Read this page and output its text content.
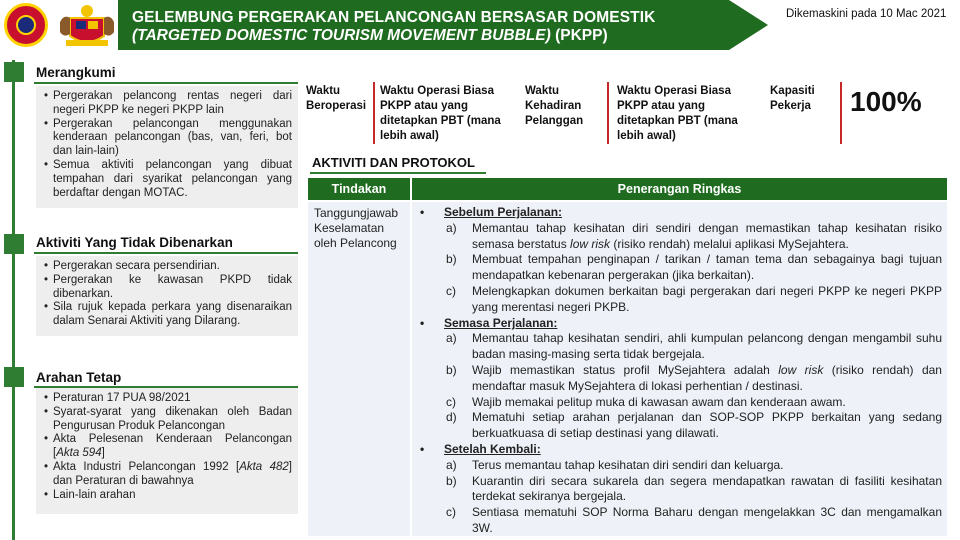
GELEMBUNG PERGERAKAN PELANCONGAN BERSASAR DOMESTIK
(TARGETED DOMESTIC TOURISM MOVEMENT BUBBLE) (PKPP)
Dikemaskini pada 10 Mac 2021
Merangkumi
• Pergerakan pelancong rentas negeri dari negeri PKPP ke negeri PKPP lain
• Pergerakan pelancongan menggunakan kenderaan pelancongan (bas, van, feri, bot dan lain-lain)
• Semua aktiviti pelancongan yang dibuat tempahan dari syarikat pelancongan yang berdaftar dengan MOTAC.
Aktiviti Yang Tidak Dibenarkan
• Pergerakan secara persendirian.
• Pergerakan ke kawasan PKPD tidak dibenarkan.
• Sila rujuk kepada perkara yang disenaraikan dalam Senarai Aktiviti yang Dilarang.
Arahan Tetap
• Peraturan 17 PUA 98/2021
• Syarat-syarat yang dikenakan oleh Badan Pengurusan Produk Pelancongan
• Akta Pelesenan Kenderaan Pelancongan [Akta 594]
• Akta Industri Pelancongan 1992 [Akta 482] dan Peraturan di bawahnya
• Lain-lain arahan
Waktu Beroperasi
Waktu Operasi Biasa PKPP atau yang ditetapkan PBT (mana lebih awal)
Waktu Kehadiran Pelanggan
Waktu Operasi Biasa PKPP atau yang ditetapkan PBT (mana lebih awal)
Kapasiti Pekerja	100%
AKTIVITI DAN PROTOKOL
Tindakan	Penerangan Ringkas
Tanggungjawab Keselamatan oleh Pelancong
• Sebelum Perjalanan:
a) Memantau tahap kesihatan diri sendiri dengan memastikan tahap kesihatan risiko semasa berstatus low risk (risiko rendah) melalui aplikasi MySejahtera.
b) Membuat tempahan penginapan / tarikan / taman tema dan sebagainya bagi tujuan mendapatkan kebenaran pergerakan (jika berkaitan).
c) Melengkapkan dokumen berkaitan bagi pergerakan dari negeri PKPP ke negeri PKPP yang merentasi negeri PKPB.
• Semasa Perjalanan:
a) Memantau tahap kesihatan sendiri, ahli kumpulan pelancong dengan mengambil suhu badan masing-masing serta tidak bergejala.
b) Wajib memastikan status profil MySejahtera adalah low risk (risiko rendah) dan mendaftar masuk MySejahtera di lokasi perhentian / destinasi.
c) Wajib memakai pelitup muka di kawasan awam dan kenderaan awam.
d) Mematuhi setiap arahan perjalanan dan SOP-SOP PKPP berkaitan yang sedang berkuatkuasa di setiap destinasi yang dilawati.
• Setelah Kembali:
a) Terus memantau tahap kesihatan diri sendiri dan keluarga.
b) Kuarantin diri secara sukarela dan segera mendapatkan rawatan di fasiliti kesihatan terdekat sekiranya bergejala.
c) Sentiasa mematuhi SOP Norma Baharu dengan mengelakkan 3C dan mengamalkan 3W.
